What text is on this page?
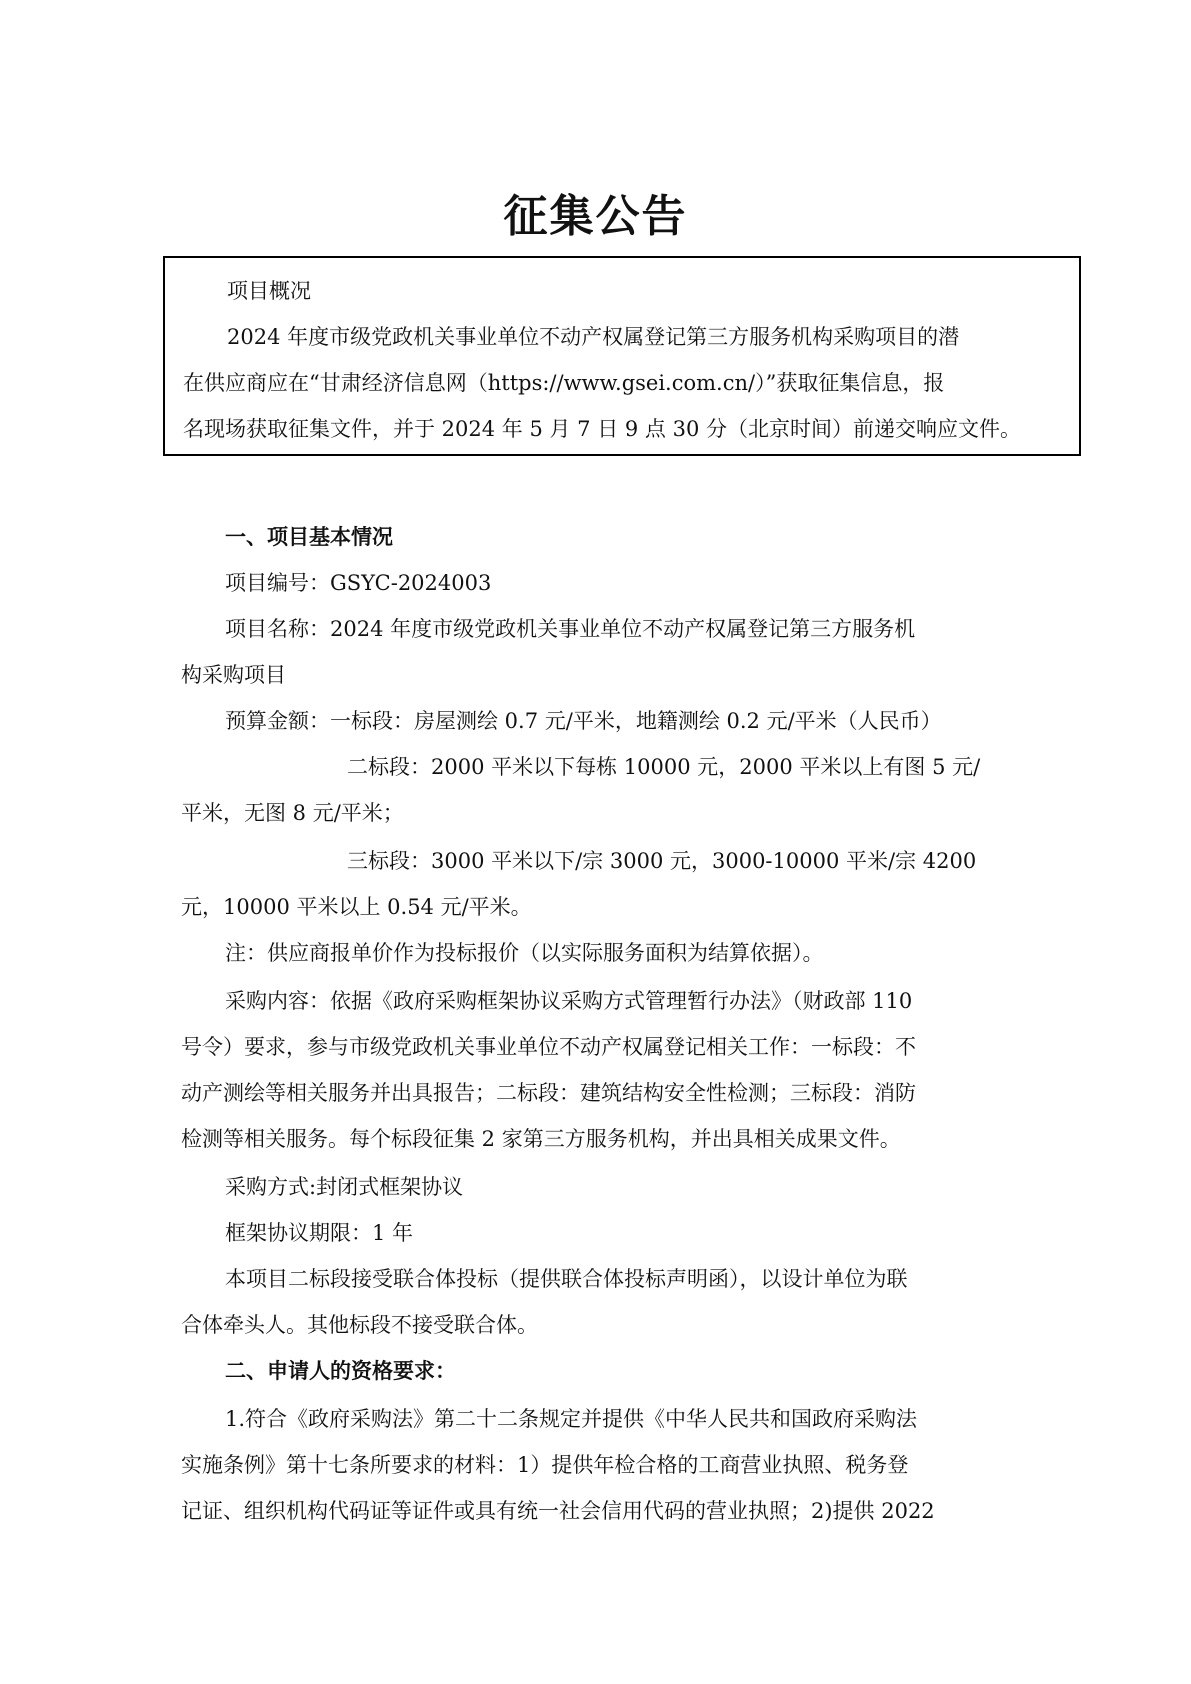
征集公告
项目概况
2024 年度市级党政机关事业单位不动产权属登记第三方服务机构采购项目的潜
在供应商应在“甘肃经济信息网（https://www.gsei.com.cn/）”获取征集信息，报
名现场获取征集文件，并于 2024 年 5 月 7 日 9 点 30 分（北京时间）前递交响应文件。
一、项目基本情况
项目编号：GSYC-2024003
项目名称：2024 年度市级党政机关事业单位不动产权属登记第三方服务机
构采购项目
预算金额：一标段：房屋测绘 0.7 元/平米，地籍测绘 0.2 元/平米（人民币）
二标段：2000 平米以下每栋 10000 元，2000 平米以上有图 5 元/
平米，无图 8 元/平米；
三标段：3000 平米以下/宗 3000 元，3000-10000 平米/宗 4200
元，10000 平米以上 0.54 元/平米。
注：供应商报单价作为投标报价（以实际服务面积为结算依据）。
采购内容：依据《政府采购框架协议采购方式管理暂行办法》（财政部 110
号令）要求，参与市级党政机关事业单位不动产权属登记相关工作：一标段：不
动产测绘等相关服务并出具报告；二标段：建筑结构安全性检测；三标段：消防
检测等相关服务。每个标段征集 2 家第三方服务机构，并出具相关成果文件。
采购方式:封闭式框架协议
框架协议期限：1 年
本项目二标段接受联合体投标（提供联合体投标声明函），以设计单位为联
合体牵头人。其他标段不接受联合体。
二、申请人的资格要求：
1.符合《政府采购法》第二十二条规定并提供《中华人民共和国政府采购法
实施条例》第十七条所要求的材料：1）提供年检合格的工商营业执照、税务登
记证、组织机构代码证等证件或具有统一社会信用代码的营业执照；2)提供 2022
